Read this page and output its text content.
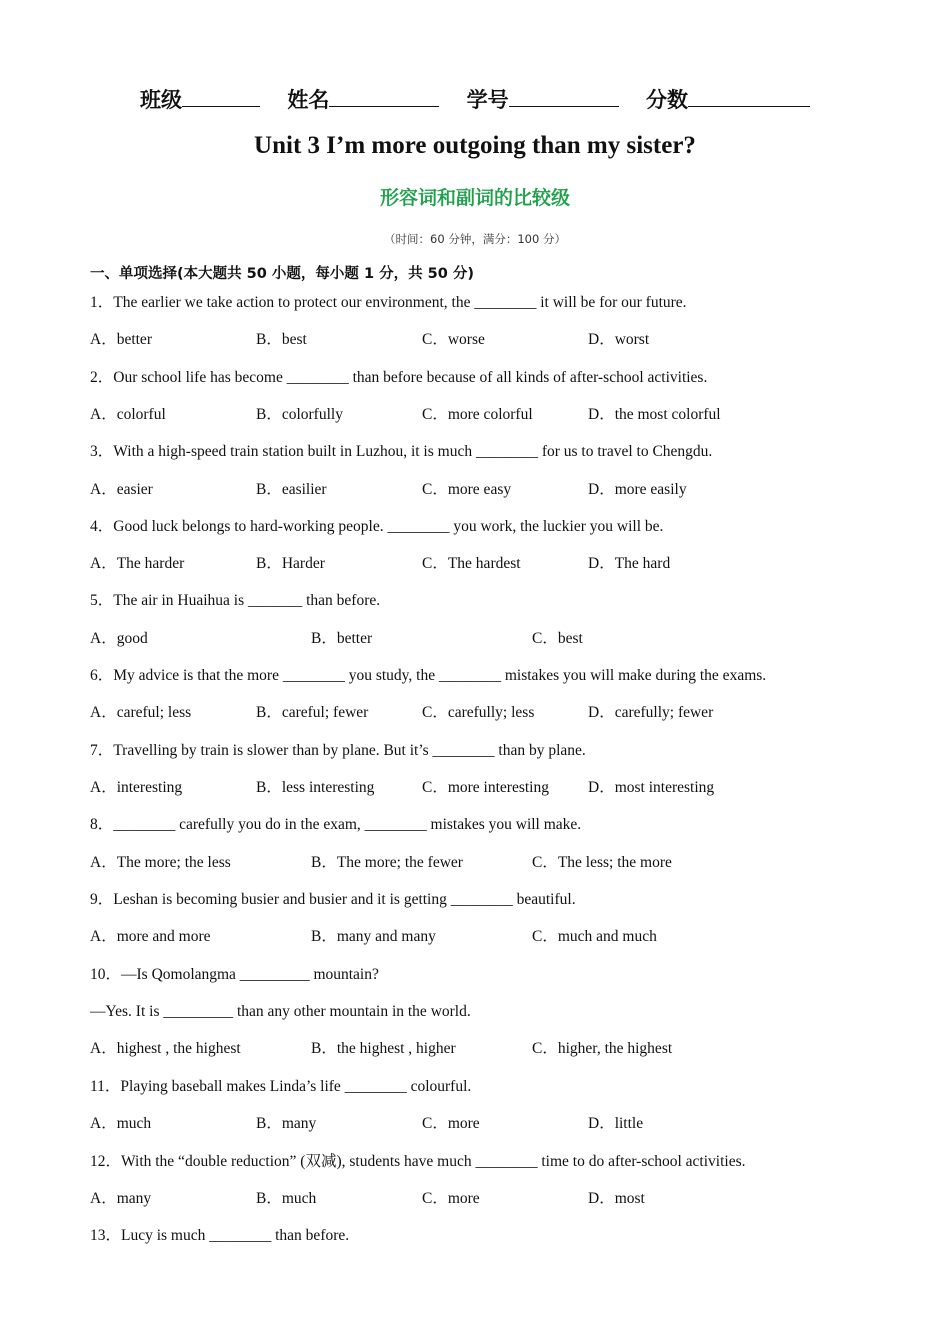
班级	姓名	学号	分数
Unit 3 I’m more outgoing than my sister?
形容词和副词的比较级
（时间：60 分钟，满分：100 分）
一、单项选择(本大题共 50 小题，每小题 1 分，共 50 分)
1．The earlier we take action to protect our environment, the ________ it will be for our future.
A．better	B．best	C．worse	D．worst
2．Our school life has become ________ than before because of all kinds of after-school activities.
A．colorful	B．colorfully	C．more colorful	D．the most colorful
3．With a high-speed train station built in Luzhou, it is much ________ for us to travel to Chengdu.
A．easier	B．easilier	C．more easy	D．more easily
4．Good luck belongs to hard-working people. ________ you work, the luckier you will be.
A．The harder	B．Harder	C．The hardest	D．The hard
5．The air in Huaihua is _______ than before.
A．good	B．better	C．best
6．My advice is that the more ________ you study, the ________ mistakes you will make during the exams.
A．careful; less	B．careful; fewer	C．carefully; less	D．carefully; fewer
7．Travelling by train is slower than by plane. But it’s ________ than by plane.
A．interesting	B．less interesting	C．more interesting	D．most interesting
8．________ carefully you do in the exam, ________ mistakes you will make.
A．The more; the less	B．The more; the fewer	C．The less; the more
9．Leshan is becoming busier and busier and it is getting ________ beautiful.
A．more and more	B．many and many	C．much and much
10．—Is Qomolangma _________ mountain?
—Yes. It is _________ than any other mountain in the world.
A．highest , the highest	B．the highest , higher	C．higher, the highest
11．Playing baseball makes Linda’s life ________ colourful.
A．much	B．many	C．more	D．little
12．With the “double reduction” (双减), students have much ________ time to do after-school activities.
A．many	B．much	C．more	D．most
13．Lucy is much ________ than before.
